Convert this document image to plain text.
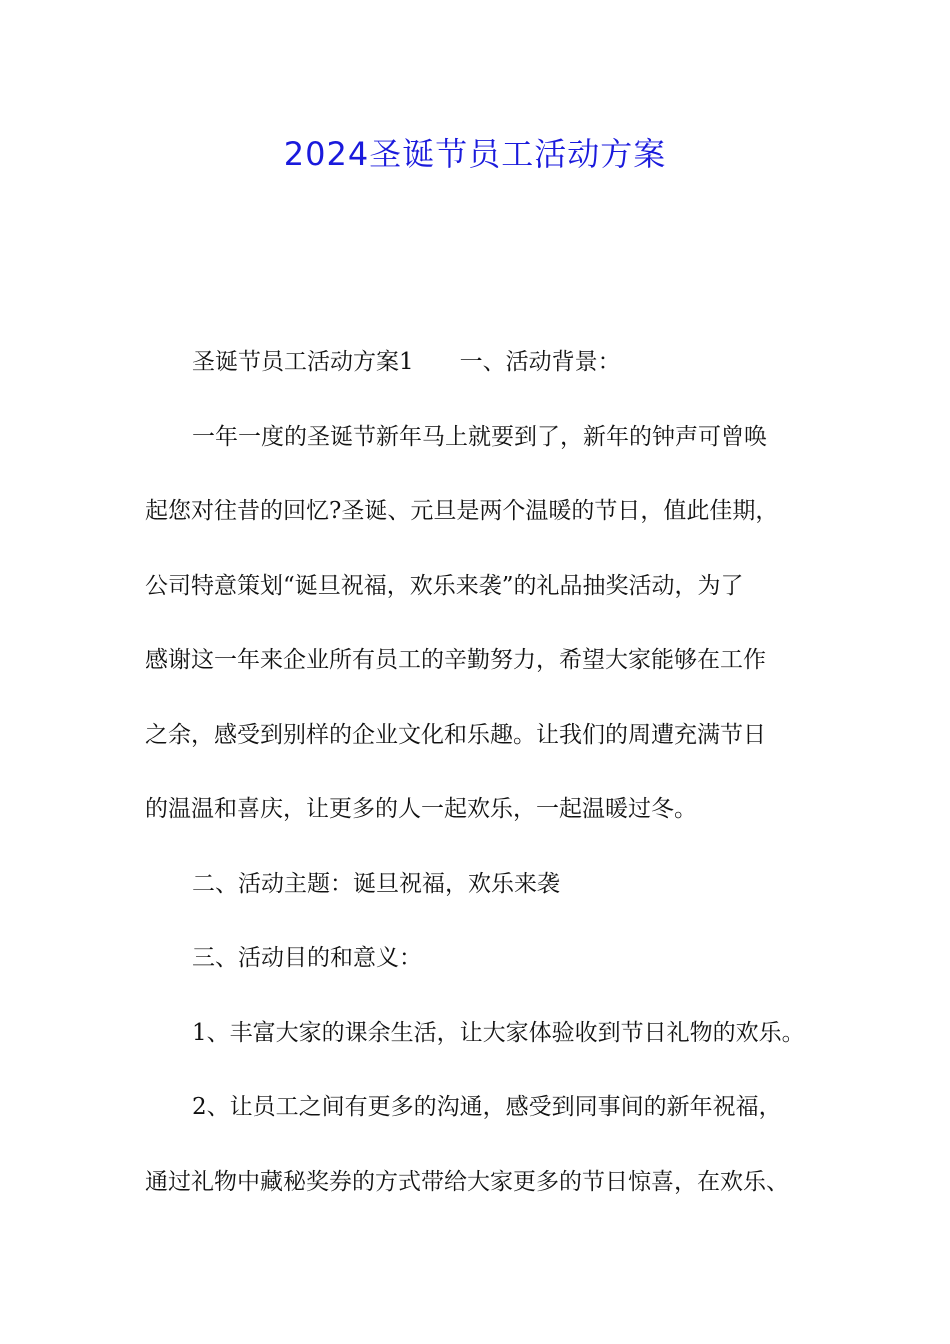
2024圣诞节员工活动方案
圣诞节员工活动方案1 一、活动背景：
一年一度的圣诞节新年马上就要到了，新年的钟声可曾唤
起您对往昔的回忆?圣诞、元旦是两个温暖的节日，值此佳期，
公司特意策划“诞旦祝福，欢乐来袭”的礼品抽奖活动，为了
感谢这一年来企业所有员工的辛勤努力，希望大家能够在工作
之余，感受到别样的企业文化和乐趣。让我们的周遭充满节日
的温温和喜庆，让更多的人一起欢乐，一起温暖过冬。
二、活动主题：诞旦祝福，欢乐来袭
三、活动目的和意义：
1、丰富大家的课余生活，让大家体验收到节日礼物的欢乐。
2、让员工之间有更多的沟通，感受到同事间的新年祝福，
通过礼物中藏秘奖券的方式带给大家更多的节日惊喜，在欢乐、
